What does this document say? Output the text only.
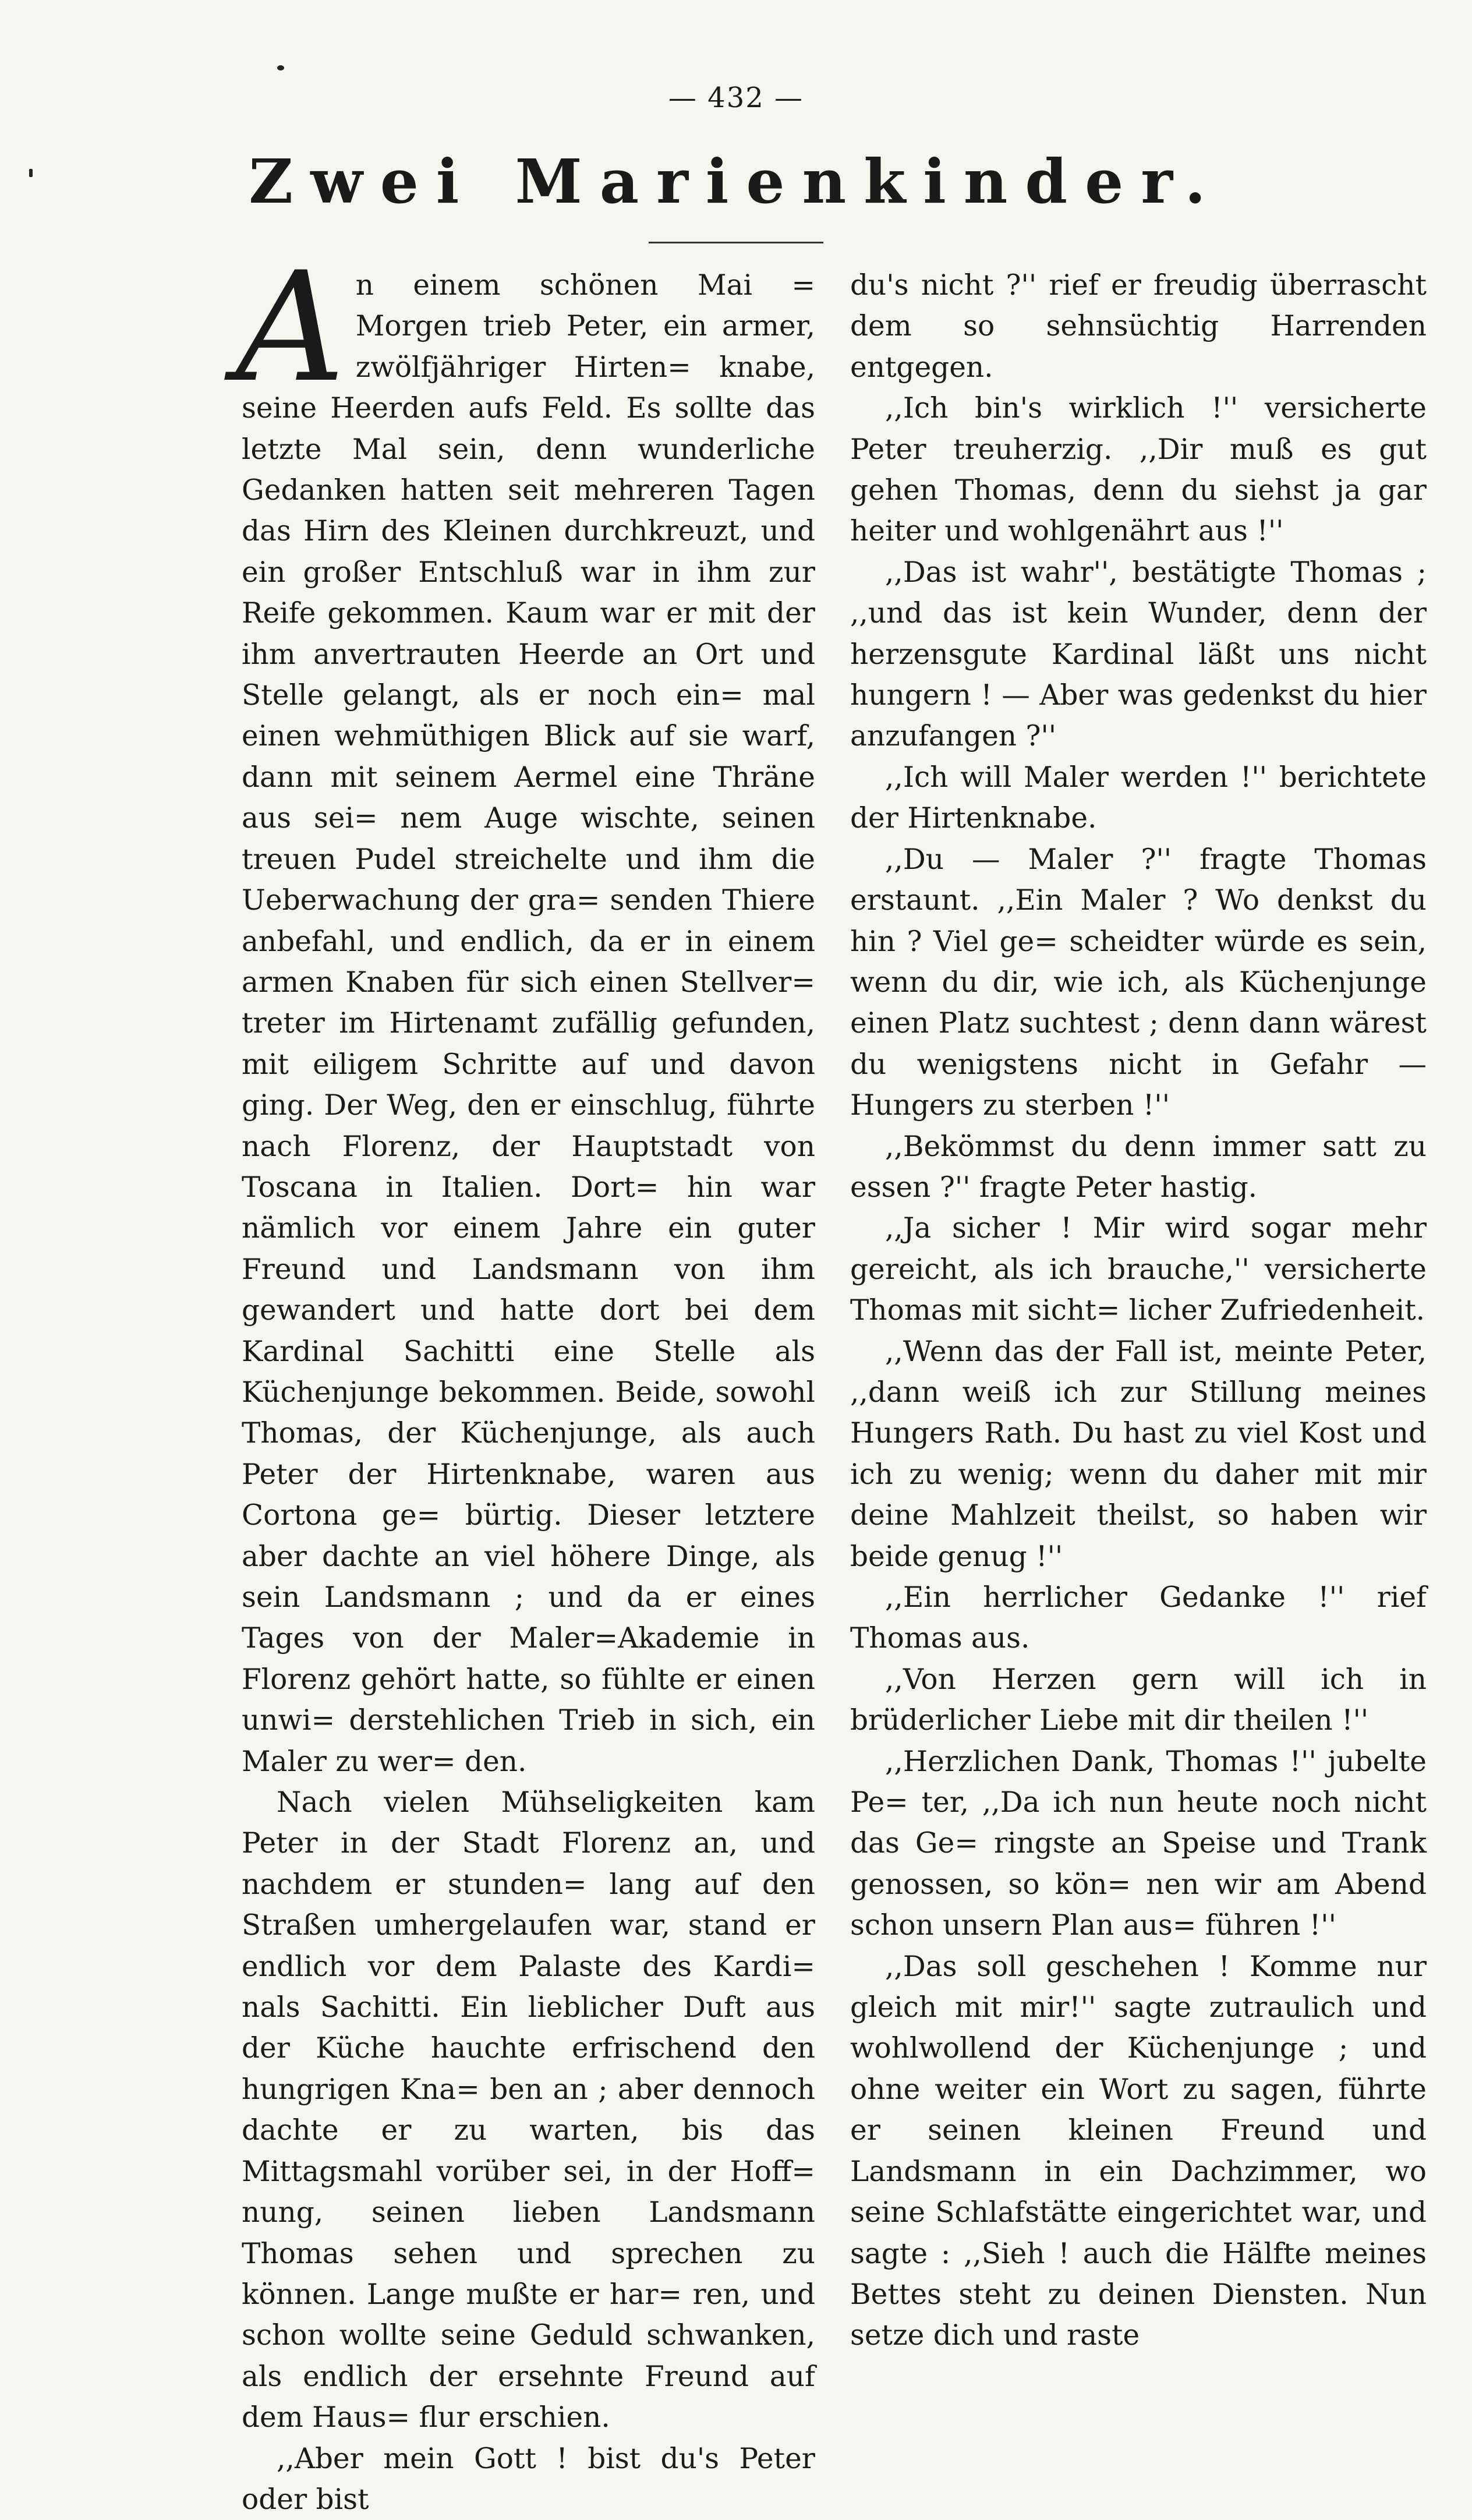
— 432 —
Zwei Marienkinder.

An einem schönen Mai = Morgen trieb Peter, ein armer, zwölfjähriger Hirten= knabe, seine Heerden aufs Feld. Es sollte das letzte Mal sein, denn wunderliche Gedanken hatten seit mehreren Tagen das Hirn des Kleinen durchkreuzt, und ein großer Entschluß war in ihm zur Reife gekommen. Kaum war er mit der ihm anvertrauten Heerde an Ort und Stelle gelangt, als er noch ein= mal einen wehmüthigen Blick auf sie warf, dann mit seinem Aermel eine Thräne aus sei= nem Auge wischte, seinen treuen Pudel streichelte und ihm die Ueberwachung der gra= senden Thiere anbefahl, und endlich, da er in einem armen Knaben für sich einen Stellver= treter im Hirtenamt zufällig gefunden, mit eiligem Schritte auf und davon ging. Der Weg, den er einschlug, führte nach Florenz, der Hauptstadt von Toscana in Italien. Dort= hin war nämlich vor einem Jahre ein guter Freund und Landsmann von ihm gewandert und hatte dort bei dem Kardinal Sachitti eine Stelle als Küchenjunge bekommen. Beide, sowohl Thomas, der Küchenjunge, als auch Peter der Hirtenknabe, waren aus Cortona ge= bürtig. Dieser letztere aber dachte an viel höhere Dinge, als sein Landsmann ; und da er eines Tages von der Maler=Akademie in Florenz gehört hatte, so fühlte er einen unwi= derstehlichen Trieb in sich, ein Maler zu wer= den.

Nach vielen Mühseligkeiten kam Peter in der Stadt Florenz an, und nachdem er stunden= lang auf den Straßen umhergelaufen war, stand er endlich vor dem Palaste des Kardi= nals Sachitti. Ein lieblicher Duft aus der Küche hauchte erfrischend den hungrigen Kna= ben an ; aber dennoch dachte er zu warten, bis das Mittagsmahl vorüber sei, in der Hoff= nung, seinen lieben Landsmann Thomas sehen und sprechen zu können. Lange mußte er har= ren, und schon wollte seine Geduld schwanken, als endlich der ersehnte Freund auf dem Haus= flur erschien.

,,Aber mein Gott ! bist du's Peter oder bist

du's nicht ?'' rief er freudig überrascht dem so sehnsüchtig Harrenden entgegen.

,,Ich bin's wirklich !'' versicherte Peter treuherzig. ,,Dir muß es gut gehen Thomas, denn du siehst ja gar heiter und wohlgenährt aus !''

,,Das ist wahr'', bestätigte Thomas ; ,,und das ist kein Wunder, denn der herzensgute Kardinal läßt uns nicht hungern ! — Aber was gedenkst du hier anzufangen ?''

,,Ich will Maler werden !'' berichtete der Hirtenknabe.

,,Du — Maler ?'' fragte Thomas erstaunt. ,,Ein Maler ? Wo denkst du hin ? Viel ge= scheidter würde es sein, wenn du dir, wie ich, als Küchenjunge einen Platz suchtest ; denn dann wärest du wenigstens nicht in Gefahr — Hungers zu sterben !''

,,Bekömmst du denn immer satt zu essen ?'' fragte Peter hastig.

,,Ja sicher ! Mir wird sogar mehr gereicht, als ich brauche,'' versicherte Thomas mit sicht= licher Zufriedenheit.

,,Wenn das der Fall ist, meinte Peter, ,,dann weiß ich zur Stillung meines Hungers Rath. Du hast zu viel Kost und ich zu wenig; wenn du daher mit mir deine Mahlzeit theilst, so haben wir beide genug !''

,,Ein herrlicher Gedanke !'' rief Thomas aus.

,,Von Herzen gern will ich in brüderlicher Liebe mit dir theilen !''

,,Herzlichen Dank, Thomas !'' jubelte Pe= ter, ,,Da ich nun heute noch nicht das Ge= ringste an Speise und Trank genossen, so kön= nen wir am Abend schon unsern Plan aus= führen !''

,,Das soll geschehen ! Komme nur gleich mit mir!'' sagte zutraulich und wohlwollend der Küchenjunge ; und ohne weiter ein Wort zu sagen, führte er seinen kleinen Freund und Landsmann in ein Dachzimmer, wo seine Schlafstätte eingerichtet war, und sagte : ,,Sieh ! auch die Hälfte meines Bettes steht zu deinen Diensten. Nun setze dich und raste
